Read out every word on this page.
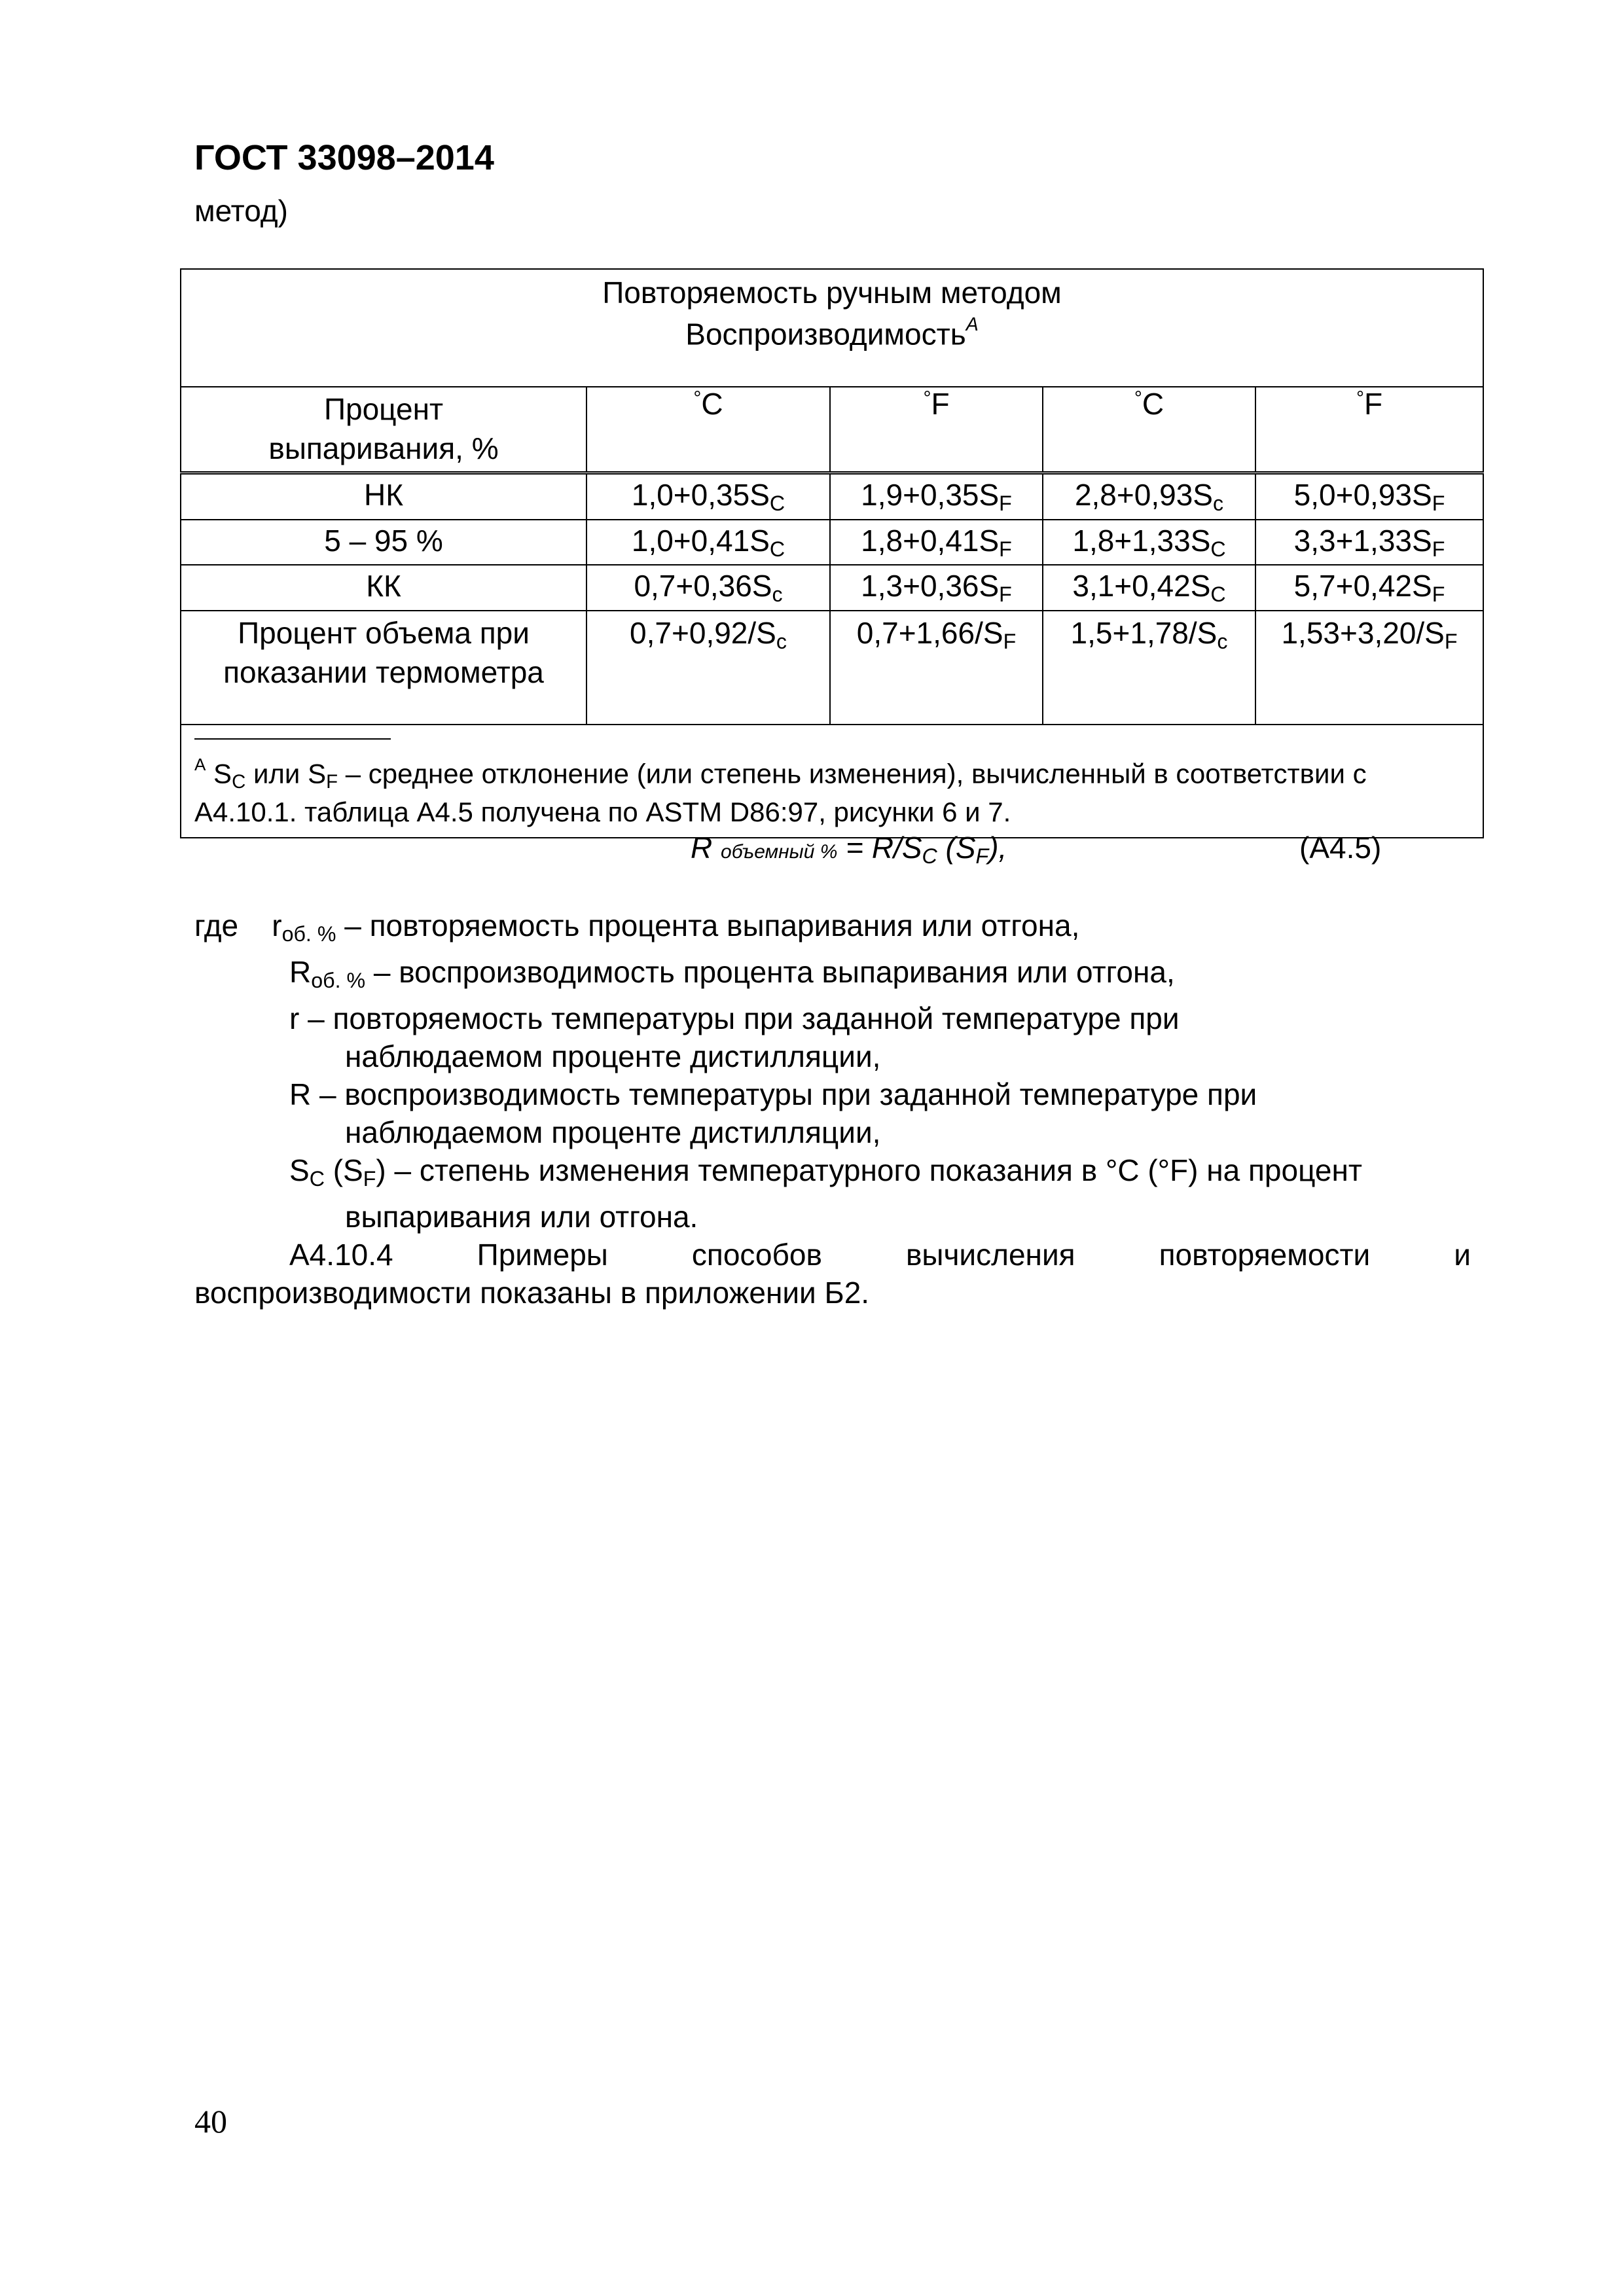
ГОСТ 33098–2014
метод)
Повторяемость ручным методом
Воспроизводимость$^A$

Процент
выпаривания, %	°C	°F	°C	°F
НК	$1,0+0,35S_C$	$1,9+0,35S_F$	$2,8+0,93S_c$	$5,0+0,93S_F$
5 – 95 %	$1,0+0,41S_C$	$1,8+0,41S_F$	$1,8+1,33S_C$	$3,3+1,33S_F$
КК	$0,7+0,36S_c$	$1,3+0,36S_F$	$3,1+0,42S_C$	$5,7+0,42S_F$

Процент объема при
показании термометра	$0,7+0,92/S_c$	$0,7+1,66/S_F$	$1,5+1,78/S_c$	$1,53+3,20/S_F$

$^A$ $S_C$ или $S_F$ – среднее отклонение (или степень изменения), вычисленный в соответствии с
А4.10.1. таблица А4.5 получена по ASTM D86:97, рисунки 6 и 7.				
R объемный % = $R/S_C$ $(S_F)$,	(A4.5)
где $r_{об. \%}$ – повторяемость процента выпаривания или отгона,
$R_{об. \%}$ – воспроизводимость процента выпаривания или отгона,
r – повторяемость температуры при заданной температуре при
наблюдаемом проценте дистилляции,
R – воспроизводимость температуры при заданной температуре при
наблюдаемом проценте дистилляции,
$S_C$ $(S_F)$ – степень изменения температурного показания в °C (°F) на процент
выпаривания или отгона.
А4.10.4 Примеры способов вычисления повторяемости и
воспроизводимости показаны в приложении Б2.
40
